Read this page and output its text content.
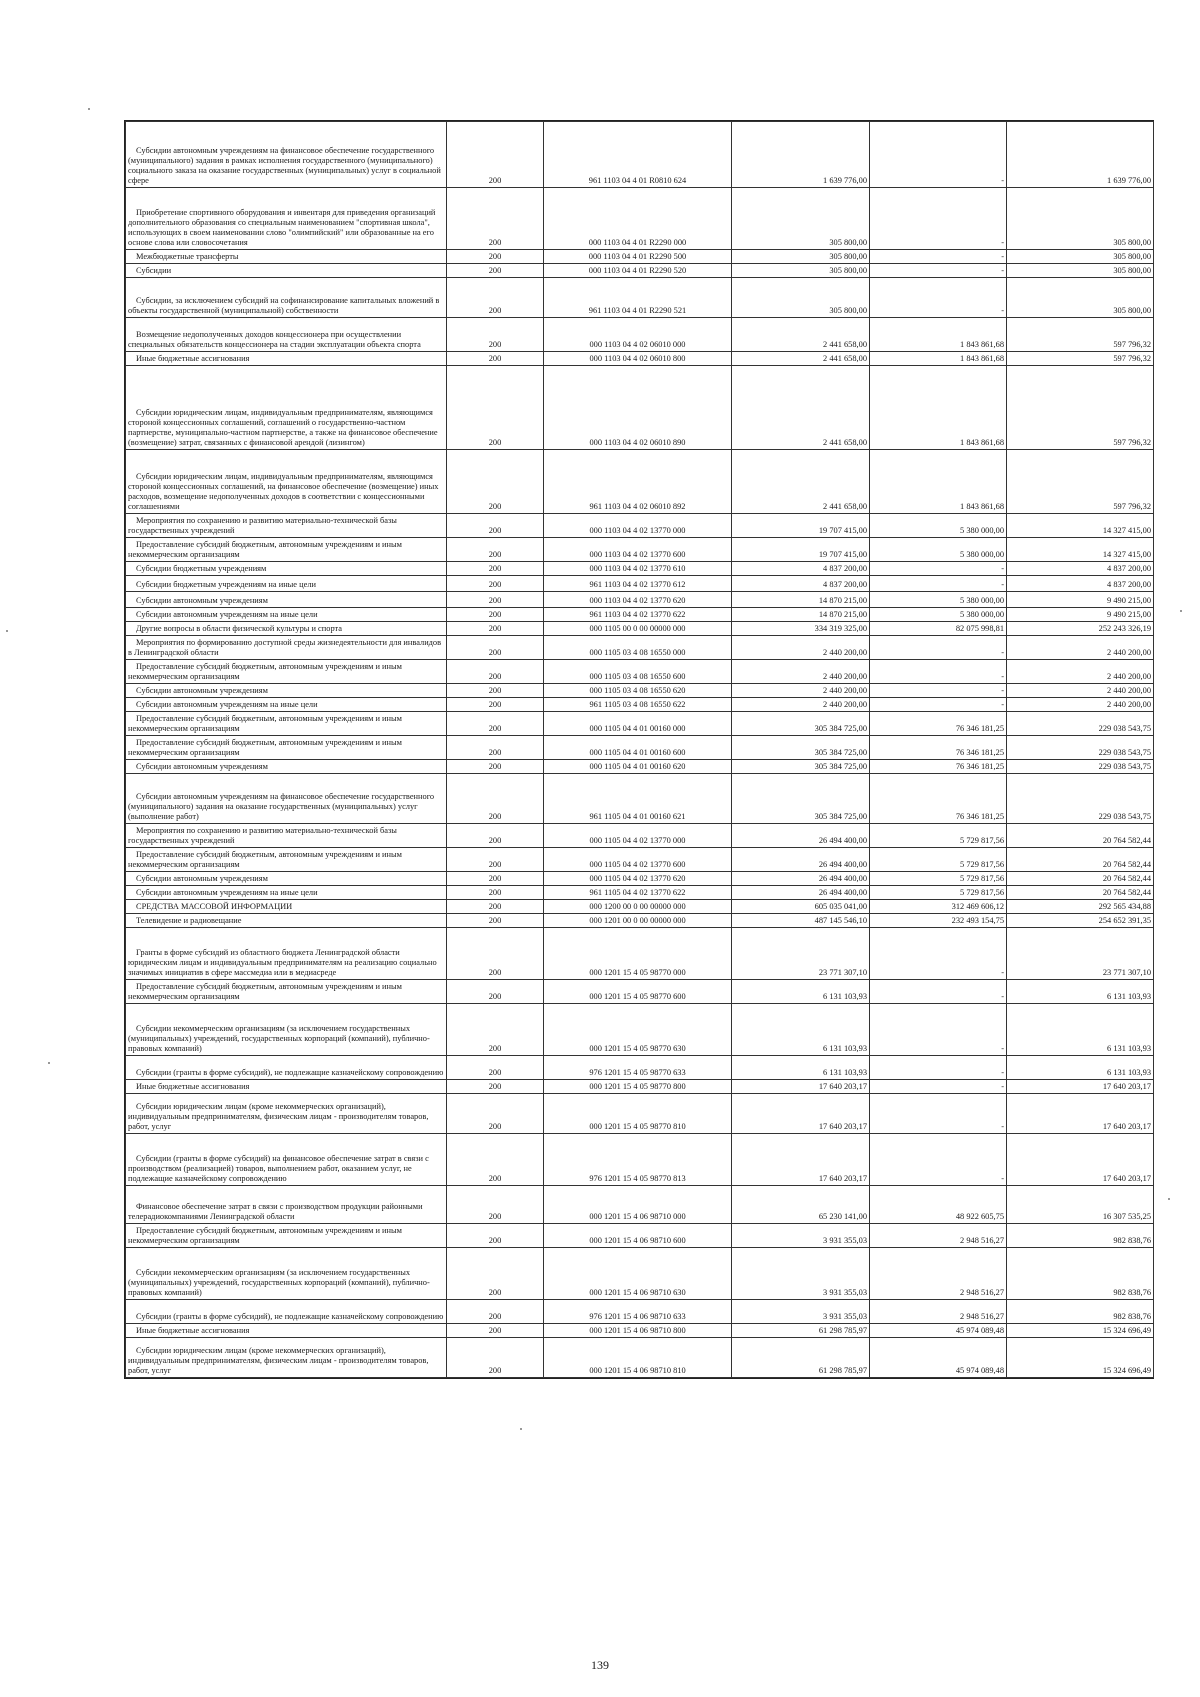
Субсидии автономным учреждениям на финансовое обеспечение государственного (муниципального) задания в рамках исполнения государственного (муниципального) социального заказа на оказание государственных (муниципальных) услуг в социальной сфере	200	961 1103 04 4 01 R0810 624	1 639 776,00	-	1 639 776,00

Приобретение спортивного оборудования и инвентаря для приведения организаций дополнительного образования со специальным наименованием "спортивная школа", использующих в своем наименовании слово "олимпийский" или образованные на его основе слова или словосочетания	200	000 1103 04 4 01 R2290 000	305 800,00	-	305 800,00

Межбюджетные трансферты	200	000 1103 04 4 01 R2290 500	305 800,00	-	305 800,00

Субсидии	200	000 1103 04 4 01 R2290 520	305 800,00	-	305 800,00

Субсидии, за исключением субсидий на софинансирование капитальных вложений в объекты государственной (муниципальной) собственности	200	961 1103 04 4 01 R2290 521	305 800,00	-	305 800,00

Возмещение недополученных доходов концессионера при осуществлении специальных обязательств концессионера на стадии эксплуатации объекта спорта	200	000 1103 04 4 02 06010 000	2 441 658,00	1 843 861,68	597 796,32

Иные бюджетные ассигнования	200	000 1103 04 4 02 06010 800	2 441 658,00	1 843 861,68	597 796,32

Субсидии юридическим лицам, индивидуальным предпринимателям, являющимся стороной концессионных соглашений, соглашений о государственно-частном партнерстве, муниципально-частном партнерстве, а также на финансовое обеспечение (возмещение) затрат, связанных с финансовой арендой (лизингом)	200	000 1103 04 4 02 06010 890	2 441 658,00	1 843 861,68	597 796,32

Субсидии юридическим лицам, индивидуальным предпринимателям, являющимся стороной концессионных соглашений, на финансовое обеспечение (возмещение) иных расходов, возмещение недополученных доходов в соответствии с концессионными соглашениями	200	961 1103 04 4 02 06010 892	2 441 658,00	1 843 861,68	597 796,32

Мероприятия по сохранению и развитию материально-технической базы государственных учреждений	200	000 1103 04 4 02 13770 000	19 707 415,00	5 380 000,00	14 327 415,00

Предоставление субсидий бюджетным, автономным учреждениям и иным некоммерческим организациям	200	000 1103 04 4 02 13770 600	19 707 415,00	5 380 000,00	14 327 415,00

Субсидии бюджетным учреждениям	200	000 1103 04 4 02 13770 610	4 837 200,00	-	4 837 200,00

Субсидии бюджетным учреждениям на иные цели	200	961 1103 04 4 02 13770 612	4 837 200,00	-	4 837 200,00

Субсидии автономным учреждениям	200	000 1103 04 4 02 13770 620	14 870 215,00	5 380 000,00	9 490 215,00

Субсидии автономным учреждениям на иные цели	200	961 1103 04 4 02 13770 622	14 870 215,00	5 380 000,00	9 490 215,00

Другие вопросы в области физической культуры и спорта	200	000 1105 00 0 00 00000 000	334 319 325,00	82 075 998,81	252 243 326,19

Мероприятия по формированию доступной среды жизнедеятельности для инвалидов в Ленинградской области	200	000 1105 03 4 08 16550 000	2 440 200,00	-	2 440 200,00

Предоставление субсидий бюджетным, автономным учреждениям и иным некоммерческим организациям	200	000 1105 03 4 08 16550 600	2 440 200,00	-	2 440 200,00

Субсидии автономным учреждениям	200	000 1105 03 4 08 16550 620	2 440 200,00	-	2 440 200,00

Субсидии автономным учреждениям на иные цели	200	961 1105 03 4 08 16550 622	2 440 200,00	-	2 440 200,00

Предоставление субсидий бюджетным, автономным учреждениям и иным некоммерческим организациям	200	000 1105 04 4 01 00160 000	305 384 725,00	76 346 181,25	229 038 543,75

Предоставление субсидий бюджетным, автономным учреждениям и иным некоммерческим организациям	200	000 1105 04 4 01 00160 600	305 384 725,00	76 346 181,25	229 038 543,75

Субсидии автономным учреждениям	200	000 1105 04 4 01 00160 620	305 384 725,00	76 346 181,25	229 038 543,75

Субсидии автономным учреждениям на финансовое обеспечение государственного (муниципального) задания на оказание государственных (муниципальных) услуг (выполнение работ)	200	961 1105 04 4 01 00160 621	305 384 725,00	76 346 181,25	229 038 543,75

Мероприятия по сохранению и развитию материально-технической базы государственных учреждений	200	000 1105 04 4 02 13770 000	26 494 400,00	5 729 817,56	20 764 582,44

Предоставление субсидий бюджетным, автономным учреждениям и иным некоммерческим организациям	200	000 1105 04 4 02 13770 600	26 494 400,00	5 729 817,56	20 764 582,44

Субсидии автономным учреждениям	200	000 1105 04 4 02 13770 620	26 494 400,00	5 729 817,56	20 764 582,44

Субсидии автономным учреждениям на иные цели	200	961 1105 04 4 02 13770 622	26 494 400,00	5 729 817,56	20 764 582,44

СРЕДСТВА МАССОВОЙ ИНФОРМАЦИИ	200	000 1200 00 0 00 00000 000	605 035 041,00	312 469 606,12	292 565 434,88

Телевидение и радиовещание	200	000 1201 00 0 00 00000 000	487 145 546,10	232 493 154,75	254 652 391,35

Гранты в форме субсидий из областного бюджета Ленинградской области юридическим лицам и индивидуальным предпринимателям на реализацию социально значимых инициатив в сфере массмедиа или в медиасреде	200	000 1201 15 4 05 98770 000	23 771 307,10	-	23 771 307,10

Предоставление субсидий бюджетным, автономным учреждениям и иным некоммерческим организациям	200	000 1201 15 4 05 98770 600	6 131 103,93	-	6 131 103,93

Субсидии некоммерческим организациям (за исключением государственных (муниципальных) учреждений, государственных корпораций (компаний), публично-правовых компаний)	200	000 1201 15 4 05 98770 630	6 131 103,93	-	6 131 103,93

Субсидии (гранты в форме субсидий), не подлежащие казначейскому сопровождению	200	976 1201 15 4 05 98770 633	6 131 103,93	-	6 131 103,93

Иные бюджетные ассигнования	200	000 1201 15 4 05 98770 800	17 640 203,17	-	17 640 203,17

Субсидии юридическим лицам (кроме некоммерческих организаций), индивидуальным предпринимателям, физическим лицам - производителям товаров, работ, услуг	200	000 1201 15 4 05 98770 810	17 640 203,17	-	17 640 203,17

Субсидии (гранты в форме субсидий) на финансовое обеспечение затрат в связи с производством (реализацией) товаров, выполнением работ, оказанием услуг, не подлежащие казначейскому сопровождению	200	976 1201 15 4 05 98770 813	17 640 203,17	-	17 640 203,17

Финансовое обеспечение затрат в связи с производством продукции районными телерадиокомпаниями Ленинградской области	200	000 1201 15 4 06 98710 000	65 230 141,00	48 922 605,75	16 307 535,25

Предоставление субсидий бюджетным, автономным учреждениям и иным некоммерческим организациям	200	000 1201 15 4 06 98710 600	3 931 355,03	2 948 516,27	982 838,76

Субсидии некоммерческим организациям (за исключением государственных (муниципальных) учреждений, государственных корпораций (компаний), публично-правовых компаний)	200	000 1201 15 4 06 98710 630	3 931 355,03	2 948 516,27	982 838,76

Субсидии (гранты в форме субсидий), не подлежащие казначейскому сопровождению	200	976 1201 15 4 06 98710 633	3 931 355,03	2 948 516,27	982 838,76

Иные бюджетные ассигнования	200	000 1201 15 4 06 98710 800	61 298 785,97	45 974 089,48	15 324 696,49

Субсидии юридическим лицам (кроме некоммерческих организаций), индивидуальным предпринимателям, физическим лицам - производителям товаров, работ, услуг	200	000 1201 15 4 06 98710 810	61 298 785,97	45 974 089,48	15 324 696,49
139
